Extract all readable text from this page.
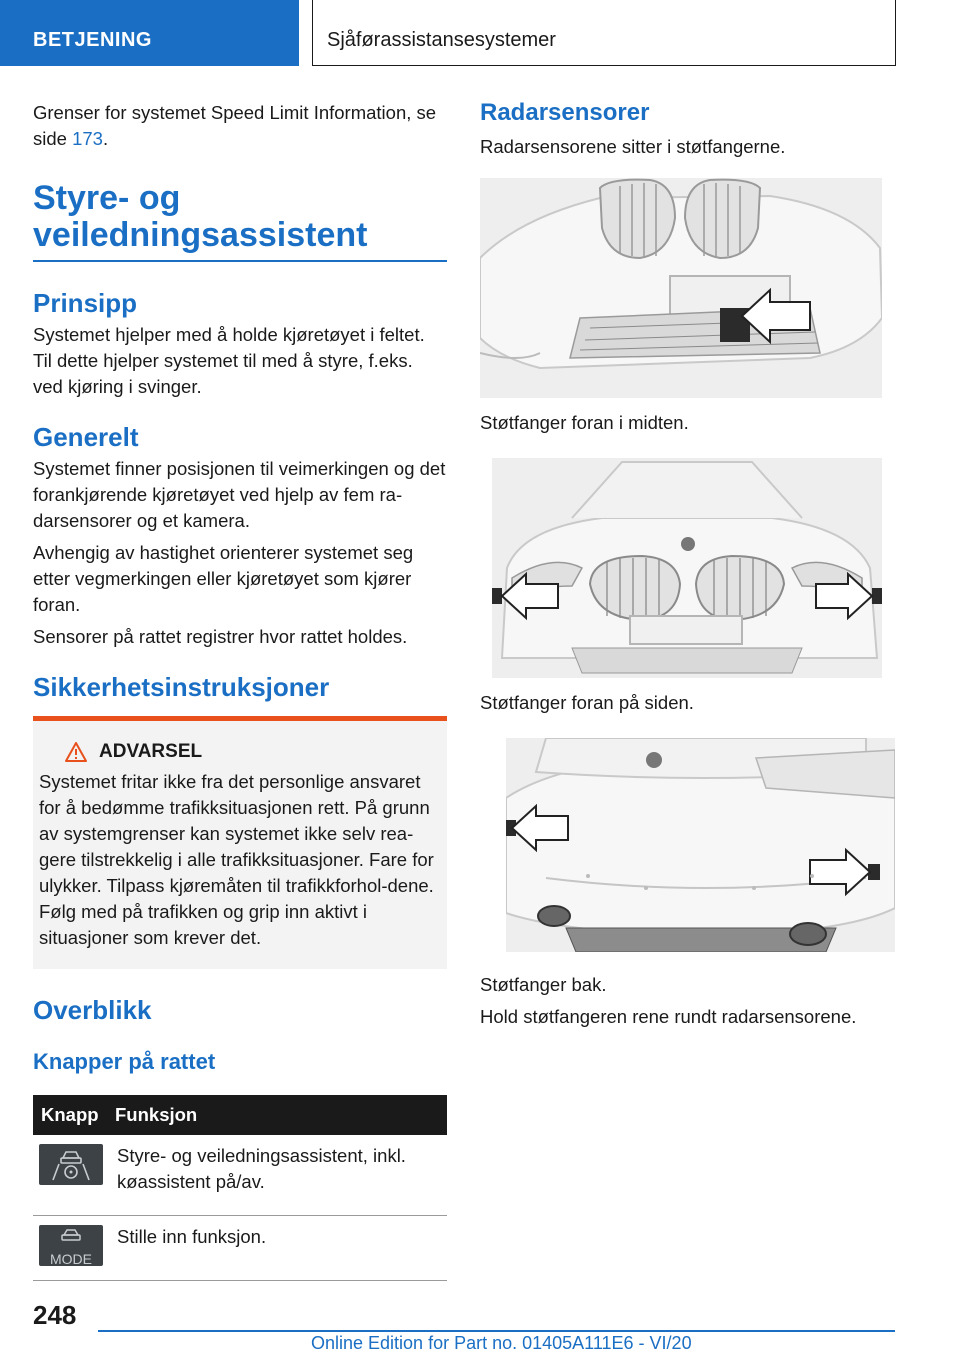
BETJENING	Sjåførassistansesystemer

Grenser for systemet Speed Limit Information, se side 173.

Styre- og veiledningsassistent
Prinsipp

Systemet hjelper med å holde kjøretøyet i feltet. Til dette hjelper systemet til med å styre, f.eks. ved kjøring i svinger.

Generelt

Systemet finner posisjonen til veimerkingen og det forankjørende kjøretøyet ved hjelp av fem ra-darsensorer og et kamera.

Avhengig av hastighet orienterer systemet seg etter vegmerkingen eller kjøretøyet som kjører foran.

Sensorer på rattet registrer hvor rattet holdes.

Sikkerhetsinstruksjoner
ADVARSEL

Systemet fritar ikke fra det personlige ansvaret for å bedømme trafikksituasjonen rett. På grunn av systemgrenser kan systemet ikke selv rea-gere tilstrekkelig i alle trafikksituasjoner. Fare for ulykker. Tilpass kjøremåten til trafikkforhol-dene. Følg med på trafikken og grip inn aktivt i situasjoner som krever det.

Overblikk
Knapper på rattet
Knapp	Funksjon

	Styre- og veiledningsassistent, inkl. køassistent på/av.

MODE	Stille inn funksjon.
Radarsensorer

Radarsensorene sitter i støtfangerne.

Støtfanger foran i midten.

Støtfanger foran på siden.

Støtfanger bak.

Hold støtfangeren rene rundt radarsensorene.

248
Online Edition for Part no. 01405A111E6 - VI/20
